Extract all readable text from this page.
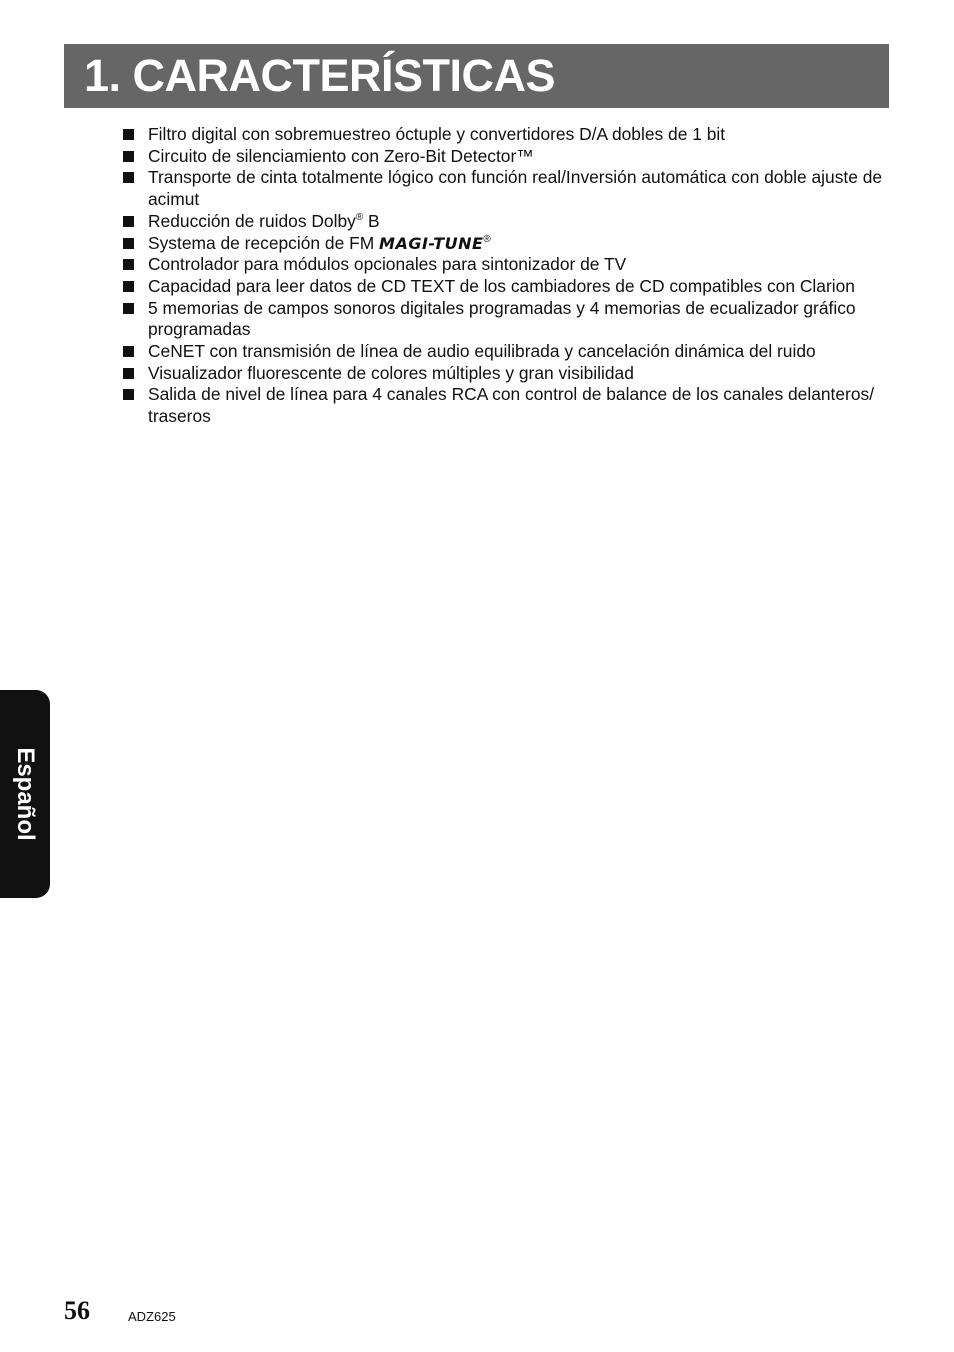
1. CARACTERÍSTICAS
Filtro digital con sobremuestreo óctuple y convertidores D/A dobles de 1 bit
Circuito de silenciamiento con Zero-Bit Detector™
Transporte de cinta totalmente lógico con función real/Inversión automática con doble ajuste de acimut
Reducción de ruidos Dolby® B
Systema de recepción de FM MAGI-TUNE®
Controlador para módulos opcionales para sintonizador de TV
Capacidad para leer datos de CD TEXT de los cambiadores de CD compatibles con Clarion
5 memorias de campos sonoros digitales programadas y 4 memorias de ecualizador gráfico programadas
CeNET con transmisión de línea de audio equilibrada y cancelación dinámica del ruido
Visualizador fluorescente de colores múltiples y gran visibilidad
Salida de nivel de línea para 4 canales RCA con control de balance de los canales delanteros/ traseros
Español
56	ADZ625
